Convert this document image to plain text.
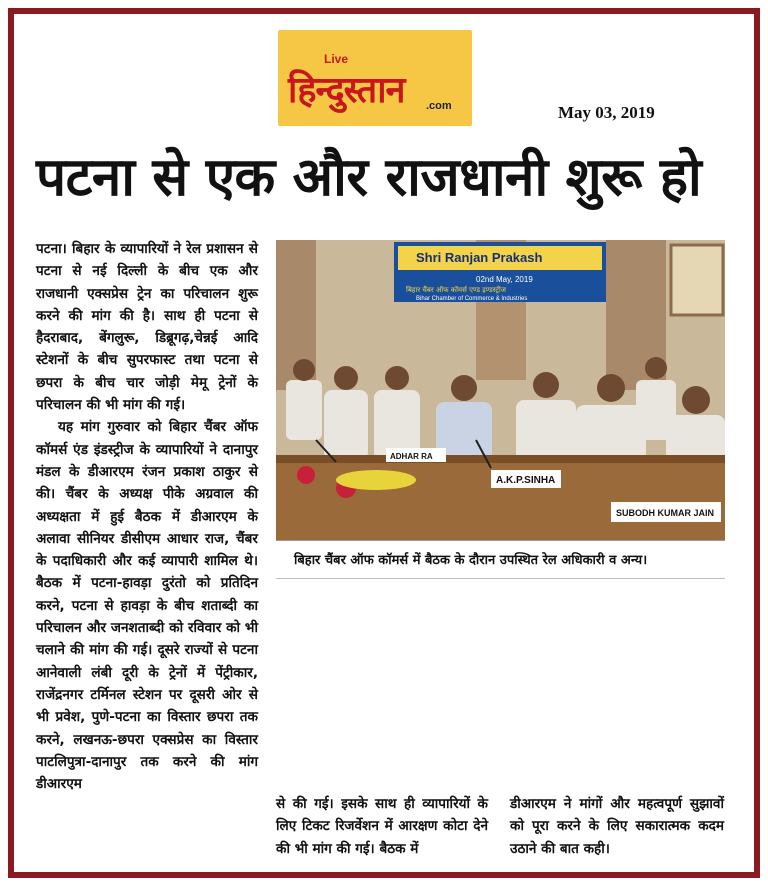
Live
हिन्दुस्तान .com	May 03, 2019
पटना से एक और राजधानी शुरू हो

पटना। बिहार के व्यापारियों ने रेल प्रशासन से पटना से नई दिल्ली के बीच एक और राजधानी एक्सप्रेस ट्रेन का परिचालन शुरू करने की मांग की है। साथ ही पटना से हैदराबाद, बेंगलुरू, डिब्रूगढ़,चेन्नई आदि स्टेशनों के बीच सुपरफास्ट तथा पटना से छपरा के बीच चार जोड़ी मेमू ट्रेनों के परिचालन की भी मांग की गई।

यह मांग गुरुवार को बिहार चैंबर ऑफ कॉमर्स एंड इंडस्ट्रीज के व्यापारियों ने दानापुर मंडल के डीआरएम रंजन प्रकाश ठाकुर से की। चैंबर के अध्यक्ष पीके अग्रवाल की अध्यक्षता में हुई बैठक में डीआरएम के अलावा सीनियर डीसीएम आधार राज, चैंबर के पदाधिकारी और कई व्यापारी शामिल थे। बैठक में पटना-हावड़ा दुरंतो को प्रतिदिन करने, पटना से हावड़ा के बीच शताब्दी का परिचालन और जनशताब्दी को रविवार को भी चलाने की मांग की गई। दूसरे राज्यों से पटना आनेवाली लंबी दूरी के ट्रेनों में पेंट्रीकार, राजेंद्रनगर टर्मिनल स्टेशन पर दूसरी ओर से भी प्रवेश, पुणे-पटना का विस्तार छपरा तक करने, लखनऊ-छपरा एक्सप्रेस का विस्तार पाटलिपुत्रा-दानापुर तक करने की मांग डीआरएम

Shri Ranjan Prakash
02nd May, 2019
बिहार चैंबर ऑफ कॉमर्स एण्ड इण्डस्ट्रीज
Bihar Chamber of Commerce & Industries
A.K.P.SINHA
SUBODH KUMAR JAIN
ADHAR RA
बिहार चैंबर ऑफ कॉमर्स में बैठक के दौरान उपस्थित रेल अधिकारी व अन्य।

से की गई। इसके साथ ही व्यापारियों के लिए टिकट रिजर्वेशन में आरक्षण कोटा देने की भी मांग की गई। बैठक में

डीआरएम ने मांगों और महत्वपूर्ण सुझावों को पूरा करने के लिए सकारात्मक कदम उठाने की बात कही।
